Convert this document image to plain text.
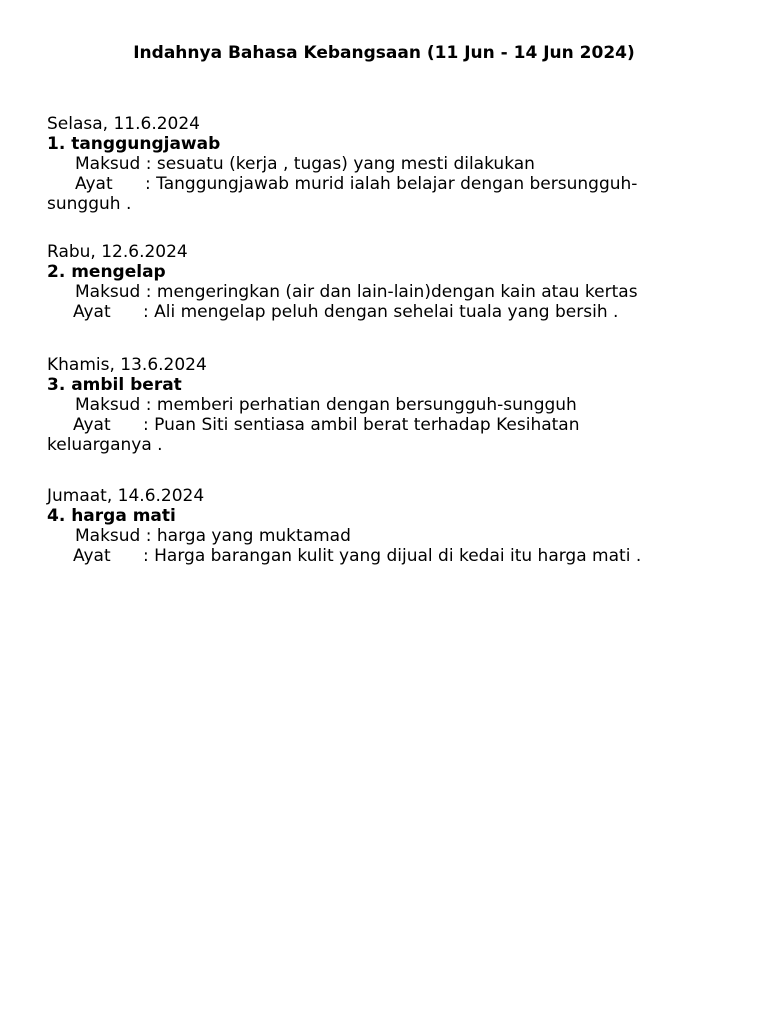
Indahnya Bahasa Kebangsaan (11 Jun - 14 Jun 2024)
Selasa, 11.6.2024
1. tanggungjawab
Maksud : sesuatu (kerja , tugas) yang mesti dilakukan
Ayat : Tanggungjawab murid ialah belajar dengan bersungguh-
sungguh .
Rabu, 12.6.2024
2. mengelap
Maksud : mengeringkan (air dan lain-lain)dengan kain atau kertas
Ayat : Ali mengelap peluh dengan sehelai tuala yang bersih .
Khamis, 13.6.2024
3. ambil berat
Maksud : memberi perhatian dengan bersungguh-sungguh
Ayat : Puan Siti sentiasa ambil berat terhadap Kesihatan
keluarganya .
Jumaat, 14.6.2024
4. harga mati
Maksud : harga yang muktamad
Ayat : Harga barangan kulit yang dijual di kedai itu harga mati .
